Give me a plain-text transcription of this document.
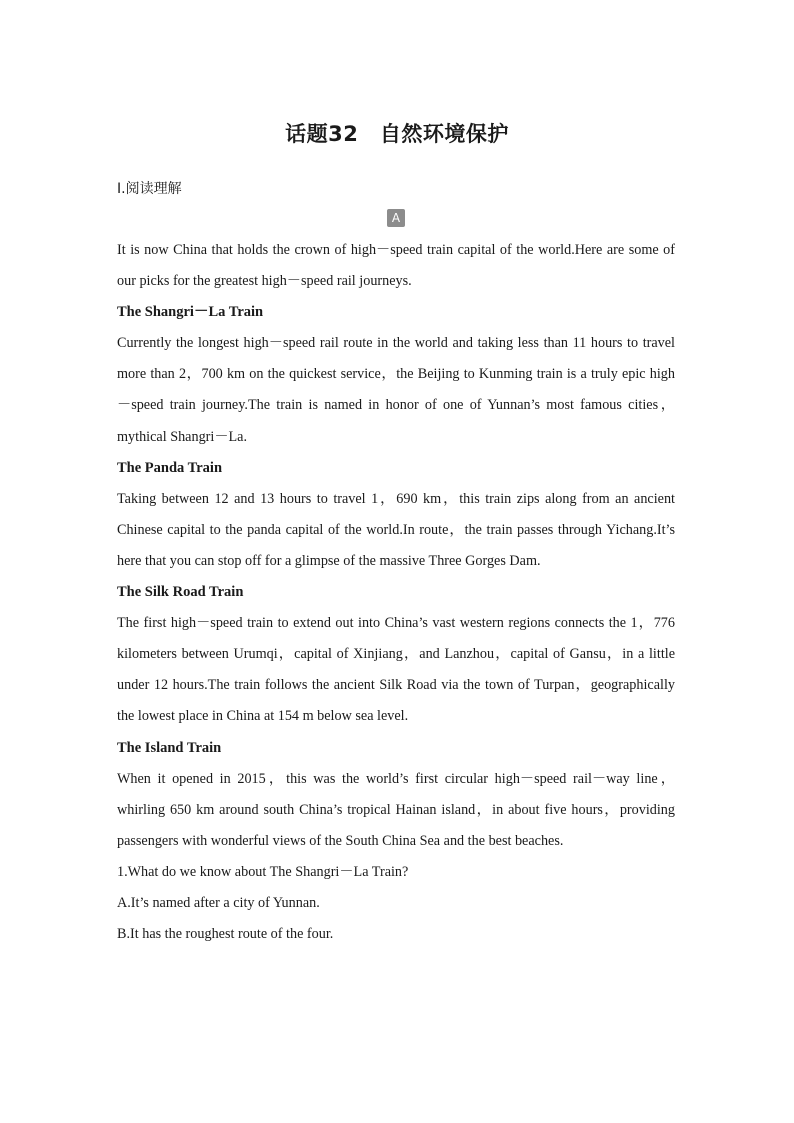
话题32　自然环境保护
Ⅰ.阅读理解
A

It is now China that holds the crown of high－speed train capital of the world.Here are some of our picks for the greatest high－speed rail journeys.

The Shangri－La Train

Currently the longest high－speed rail route in the world and taking less than 11 hours to travel more than 2，700 km on the quickest service，the Beijing to Kunming train is a truly epic high－speed train journey.The train is named in honor of one of Yunnan’s most famous cities，mythical Shangri－La.

The Panda Train

Taking between 12 and 13 hours to travel 1，690 km，this train zips along from an ancient Chinese capital to the panda capital of the world.In route，the train passes through Yichang.It’s here that you can stop off for a glimpse of the massive Three Gorges Dam.

The Silk Road Train

The first high－speed train to extend out into China’s vast western regions connects the 1，776 kilometers between Urumqi，capital of Xinjiang，and Lanzhou，capital of Gansu，in a little under 12 hours.The train follows the ancient Silk Road via the town of Turpan，geographically the lowest place in China at 154 m below sea level.

The Island Train

When it opened in 2015，this was the world’s first circular high－speed rail－way line，whirling 650 km around south China’s tropical Hainan island，in about five hours，providing passengers with wonderful views of the South China Sea and the best beaches.

1.What do we know about The Shangri－La Train?

A.It’s named after a city of Yunnan.

B.It has the roughest route of the four.
